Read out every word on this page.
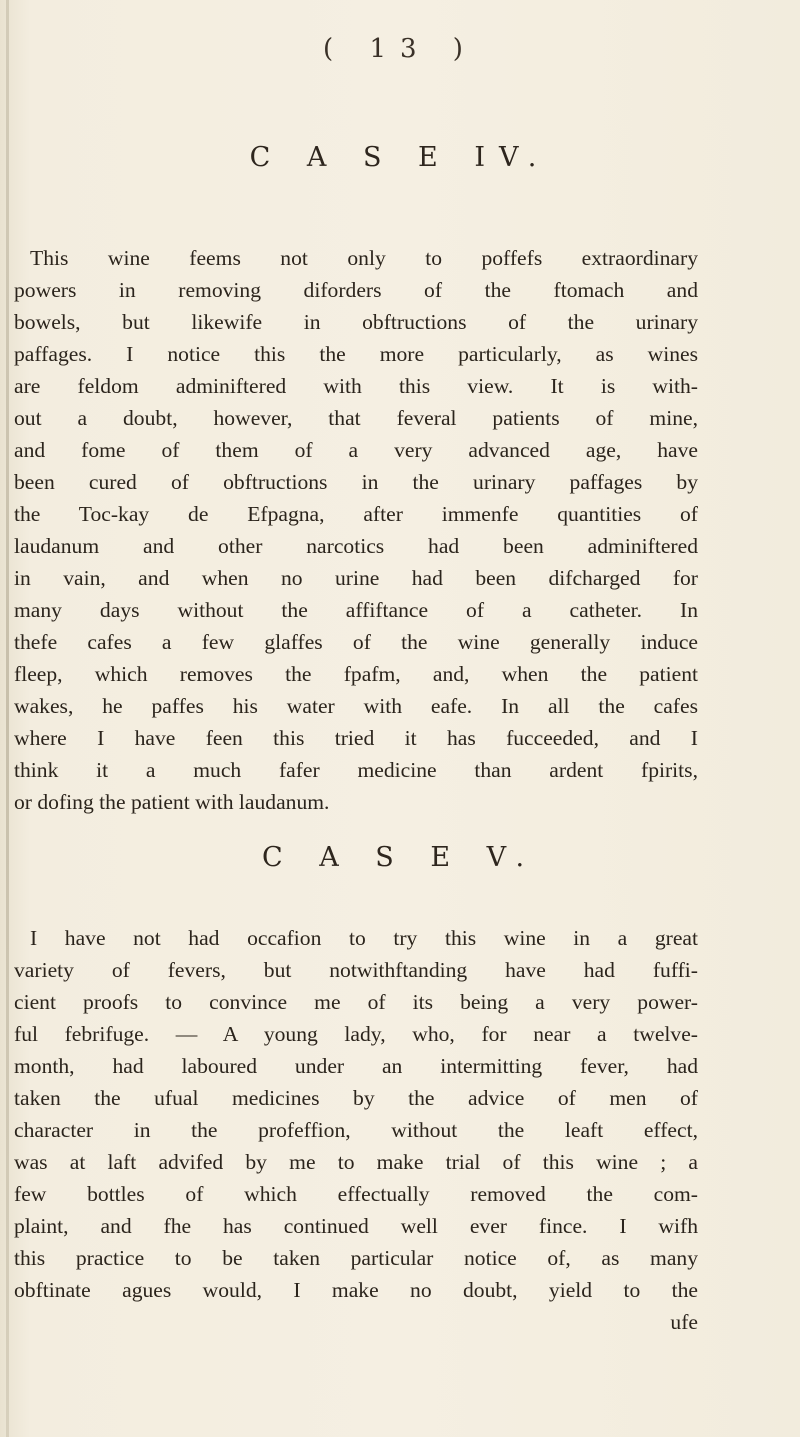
( 13 )
C A S E IV.
This wine feems not only to poffefs extraordinary
powers in removing diforders of the ftomach and
bowels, but likewife in obftructions of the urinary
paffages. I notice this the more particularly, as wines
are feldom adminiftered with this view. It is with-
out a doubt, however, that feveral patients of mine,
and fome of them of a very advanced age, have
been cured of obftructions in the urinary paffages by
the Toc-kay de Efpagna, after immenfe quantities of
laudanum and other narcotics had been adminiftered
in vain, and when no urine had been difcharged for
many days without the affiftance of a catheter. In
thefe cafes a few glaffes of the wine generally induce
fleep, which removes the fpafm, and, when the patient
wakes, he paffes his water with eafe. In all the cafes
where I have feen this tried it has fucceeded, and I
think it a much fafer medicine than ardent fpirits,
or dofing the patient with laudanum.
C A S E V.
I have not had occafion to try this wine in a great
variety of fevers, but notwithftanding have had fuffi-
cient proofs to convince me of its being a very power-
ful febrifuge. — A young lady, who, for near a twelve-
month, had laboured under an intermitting fever, had
taken the ufual medicines by the advice of men of
character in the profeffion, without the leaft effect,
was at laft advifed by me to make trial of this wine ; a
few bottles of which effectually removed the com-
plaint, and fhe has continued well ever fince. I wifh
this practice to be taken particular notice of, as many
obftinate agues would, I make no doubt, yield to the
ufe
